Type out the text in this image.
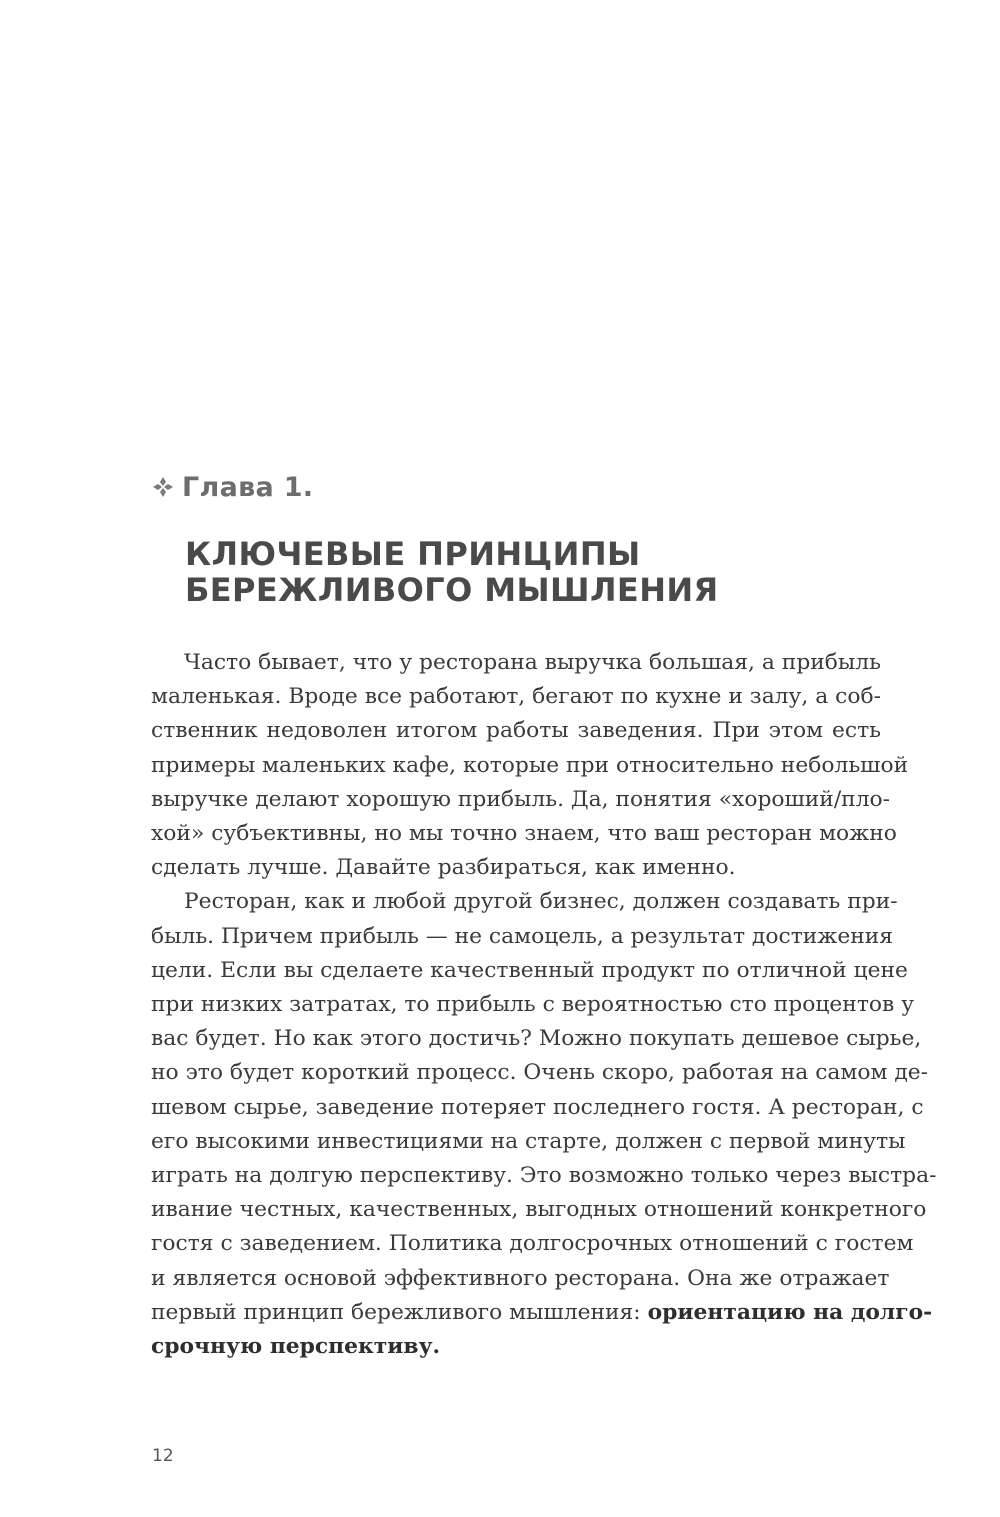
Глава 1.
КЛЮЧЕВЫЕ ПРИНЦИПЫ
БЕРЕЖЛИВОГО МЫШЛЕНИЯ

Часто бывает, что у ресторана выручка большая, а прибыль
маленькая. Вроде все работают, бегают по кухне и залу, а соб-
ственник недоволен итогом работы заведения. При этом есть
примеры маленьких кафе, которые при относительно небольшой
выручке делают хорошую прибыль. Да, понятия «хороший/пло-
хой» субъективны, но мы точно знаем, что ваш ресторан можно
сделать лучше. Давайте разбираться, как именно.

Ресторан, как и любой другой бизнес, должен создавать при-
быль. Причем прибыль — не самоцель, а результат достижения
цели. Если вы сделаете качественный продукт по отличной цене
при низких затратах, то прибыль с вероятностью сто процентов у
вас будет. Но как этого достичь? Можно покупать дешевое сырье,
но это будет короткий процесс. Очень скоро, работая на самом де-
шевом сырье, заведение потеряет последнего гостя. А ресторан, с
его высокими инвестициями на старте, должен с первой минуты
играть на долгую перспективу. Это возможно только через выстра-
ивание честных, качественных, выгодных отношений конкретного
гостя с заведением. Политика долгосрочных отношений с гостем
и является основой эффективного ресторана. Она же отражает
первый принцип бережливого мышления: ориентацию на долго-
срочную перспективу.

12
